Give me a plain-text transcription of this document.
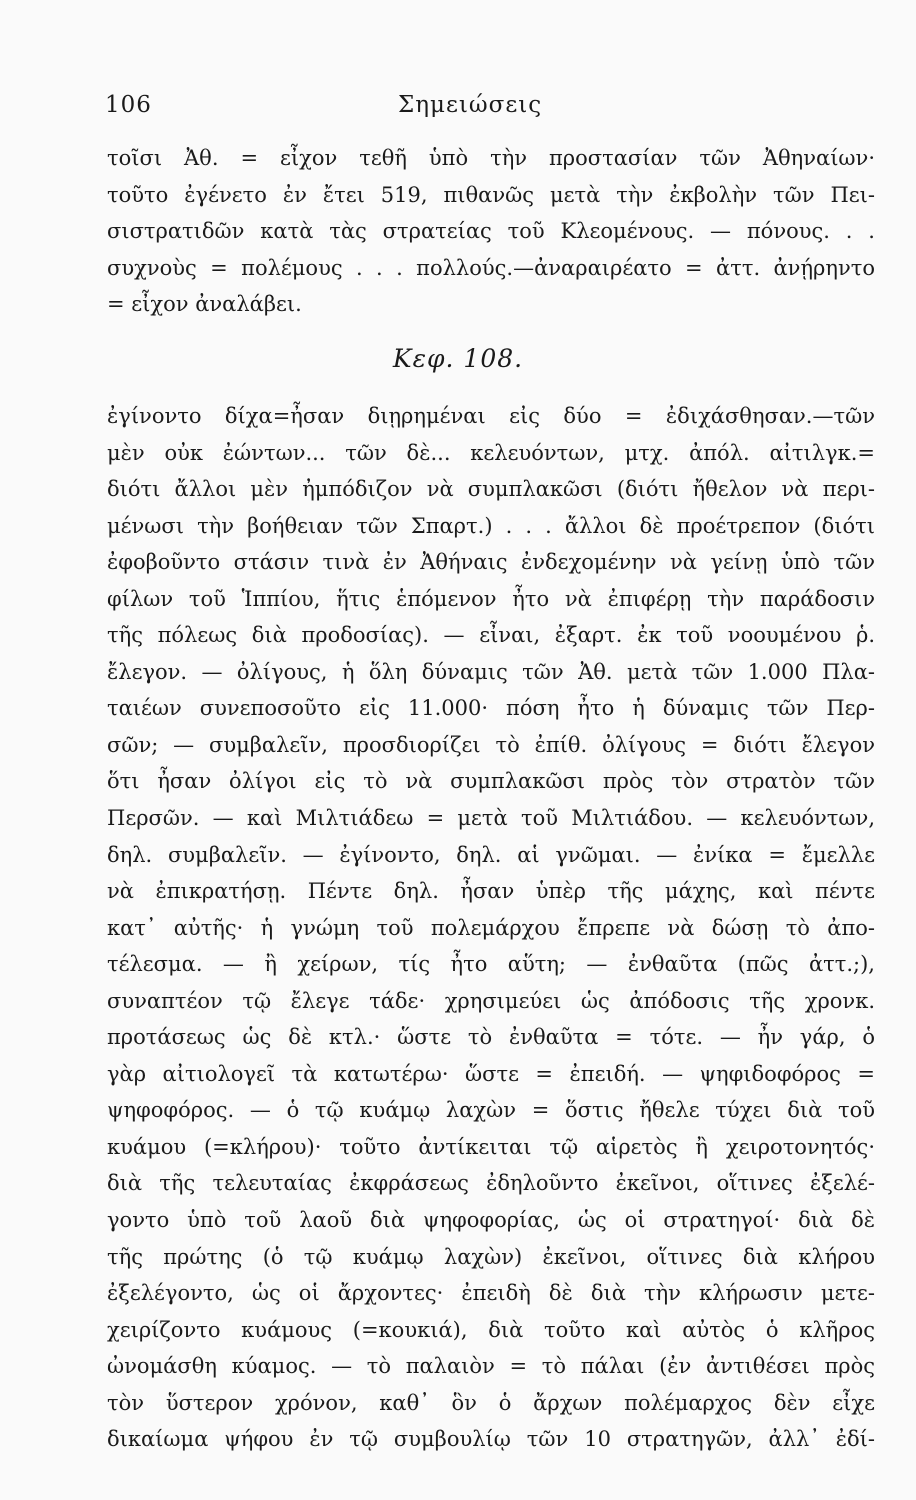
106	Σημειώσεις
τοῖσι Ἀθ. = εἶχον τεθῆ ὑπὸ τὴν προστασίαν τῶν Ἀθηναίων·
τοῦτο ἐγένετο ἐν ἔτει 519, πιθανῶς μετὰ τὴν ἐκβολὴν τῶν Πει-
σιστρατιδῶν κατὰ τὰς στρατείας τοῦ Κλεομένους. — πόνους. . .
συχνοὺς = πολέμους . . . πολλούς.—ἀναραιρέατο = ἀττ. ἀνῄρηντο
= εἶχον ἀναλάβει.
Κεφ. 108.
ἐγίνοντο δίχα=ἦσαν διῃρημέναι εἰς δύο = ἐδιχάσθησαν.—τῶν
μὲν οὐκ ἐώντων... τῶν δὲ... κελευόντων, μτχ. ἀπόλ. αἰτιλγκ.=
διότι ἄλλοι μὲν ἠμπόδιζον νὰ συμπλακῶσι (διότι ἤθελον νὰ περι-
μένωσι τὴν βοήθειαν τῶν Σπαρτ.) . . . ἄλλοι δὲ προέτρεπον (διότι
ἐφοβοῦντο στάσιν τινὰ ἐν Ἀθήναις ἐνδεχομένην νὰ γείνῃ ὑπὸ τῶν
φίλων τοῦ Ἱππίου, ἥτις ἑπόμενον ἦτο νὰ ἐπιφέρῃ τὴν παράδοσιν
τῆς πόλεως διὰ προδοσίας). — εἶναι, ἐξαρτ. ἐκ τοῦ νοουμένου ῥ.
ἔλεγον. — ὀλίγους, ἡ ὅλη δύναμις τῶν Ἀθ. μετὰ τῶν 1.000 Πλα-
ταιέων συνεποσοῦτο εἰς 11.000· πόση ἦτο ἡ δύναμις τῶν Περ-
σῶν; — συμβαλεῖν, προσδιορίζει τὸ ἐπίθ. ὀλίγους = διότι ἔλεγον
ὅτι ἦσαν ὀλίγοι εἰς τὸ νὰ συμπλακῶσι πρὸς τὸν στρατὸν τῶν
Περσῶν. — καὶ Μιλτιάδεω = μετὰ τοῦ Μιλτιάδου. — κελευόντων,
δηλ. συμβαλεῖν. — ἐγίνοντο, δηλ. αἱ γνῶμαι. — ἐνίκα = ἔμελλε
νὰ ἐπικρατήσῃ. Πέντε δηλ. ἦσαν ὑπὲρ τῆς μάχης, καὶ πέντε
κατ᾽ αὐτῆς· ἡ γνώμη τοῦ πολεμάρχου ἔπρεπε νὰ δώσῃ τὸ ἀπο-
τέλεσμα. — ἢ χείρων, τίς ἦτο αὕτη; — ἐνθαῦτα (πῶς ἀττ.;),
συναπτέον τῷ ἔλεγε τάδε· χρησιμεύει ὡς ἀπόδοσις τῆς χρονκ.
προτάσεως ὡς δὲ κτλ.· ὥστε τὸ ἐνθαῦτα = τότε. — ἦν γάρ, ὁ
γὰρ αἰτιολογεῖ τὰ κατωτέρω· ὥστε = ἐπειδή. — ψηφιδοφόρος =
ψηφοφόρος. — ὁ τῷ κυάμῳ λαχὼν = ὅστις ἤθελε τύχει διὰ τοῦ
κυάμου (=κλήρου)· τοῦτο ἀντίκειται τῷ αἱρετὸς ἢ χειροτονητός·
διὰ τῆς τελευταίας ἐκφράσεως ἐδηλοῦντο ἐκεῖνοι, οἵτινες ἐξελέ-
γοντο ὑπὸ τοῦ λαοῦ διὰ ψηφοφορίας, ὡς οἱ στρατηγοί· διὰ δὲ
τῆς πρώτης (ὁ τῷ κυάμῳ λαχὼν) ἐκεῖνοι, οἵτινες διὰ κλήρου
ἐξελέγοντο, ὡς οἱ ἄρχοντες· ἐπειδὴ δὲ διὰ τὴν κλήρωσιν μετε-
χειρίζοντο κυάμους (=κουκιά), διὰ τοῦτο καὶ αὐτὸς ὁ κλῆρος
ὠνομάσθη κύαμος. — τὸ παλαιὸν = τὸ πάλαι (ἐν ἀντιθέσει πρὸς
τὸν ὕστερον χρόνον, καθ᾽ ὃν ὁ ἄρχων πολέμαρχος δὲν εἶχε
δικαίωμα ψήφου ἐν τῷ συμβουλίῳ τῶν 10 στρατηγῶν, ἀλλ᾽ ἐδί-
